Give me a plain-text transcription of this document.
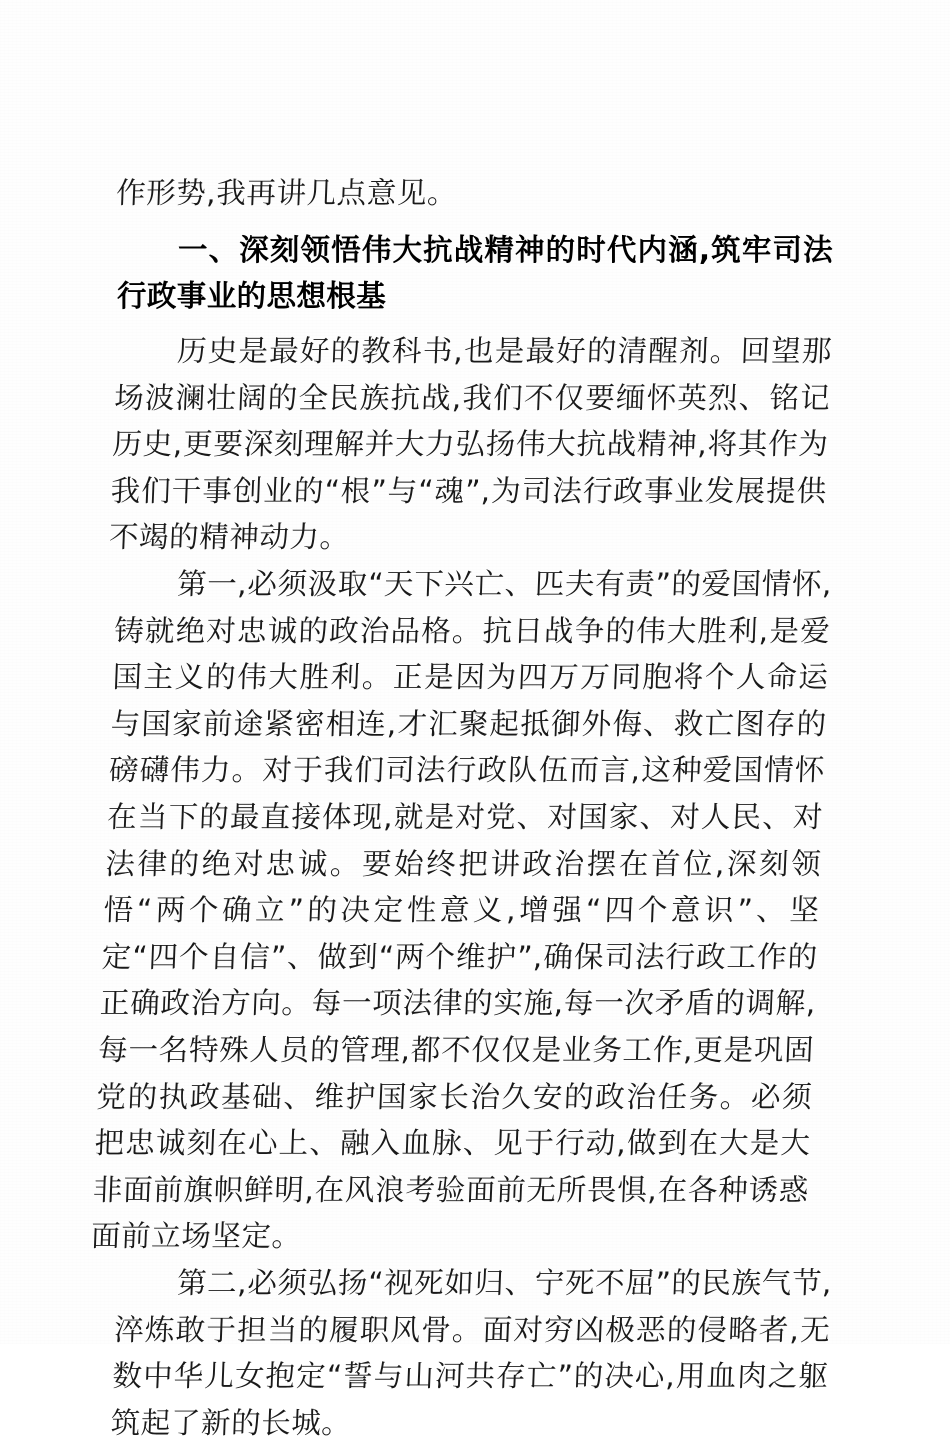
作形势,我再讲几点意见。

一、深刻领悟伟大抗战精神的时代内涵,筑牢司法行政事业的思想根基

历史是最好的教科书,也是最好的清醒剂。回望那场波澜壮阔的全民族抗战,我们不仅要缅怀英烈、铭记历史,更要深刻理解并大力弘扬伟大抗战精神,将其作为我们干事创业的“根”与“魂”,为司法行政事业发展提供不竭的精神动力。

第一,必须汲取“天下兴亡、匹夫有责”的爱国情怀,铸就绝对忠诚的政治品格。抗日战争的伟大胜利,是爱国主义的伟大胜利。正是因为四万万同胞将个人命运与国家前途紧密相连,才汇聚起抵御外侮、救亡图存的磅礴伟力。对于我们司法行政队伍而言,这种爱国情怀在当下的最直接体现,就是对党、对国家、对人民、对法律的绝对忠诚。要始终把讲政治摆在首位,深刻领悟“两个确立”的决定性意义,增强“四个意识”、坚定“四个自信”、做到“两个维护”,确保司法行政工作的正确政治方向。每一项法律的实施,每一次矛盾的调解,每一名特殊人员的管理,都不仅仅是业务工作,更是巩固党的执政基础、维护国家长治久安的政治任务。必须把忠诚刻在心上、融入血脉、见于行动,做到在大是大非面前旗帜鲜明,在风浪考验面前无所畏惧,在各种诱惑面前立场坚定。

第二,必须弘扬“视死如归、宁死不屈”的民族气节,淬炼敢于担当的履职风骨。面对穷凶极恶的侵略者,无数中华儿女抱定“誓与山河共存亡”的决心,用血肉之躯筑起了新的长城。
